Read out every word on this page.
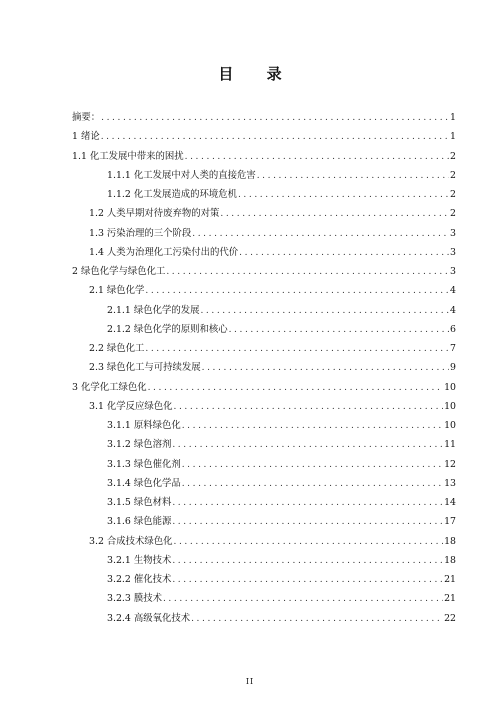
目 录
摘要： .....	1
1 绪论 .....	1
1.1 化工发展中带来的困扰 .....	2
1.1.1 化工发展中对人类的直接危害 .....	2
1.1.2 化工发展造成的环境危机 .....	2
1.2 人类早期对待废弃物的对策 .....	2
1.3 污染治理的三个阶段 .....	3
1.4 人类为治理化工污染付出的代价 .....	3
2 绿色化学与绿色化工 .....	3
2.1 绿色化学 .....	4
2.1.1 绿色化学的发展 .....	4
2.1.2 绿色化学的原则和核心 .....	6
2.2 绿色化工 .....	7
2.3 绿色化工与可持续发展 .....	9
3 化学化工绿色化 .....	10
3.1 化学反应绿色化 .....	10
3.1.1 原料绿色化 .....	10
3.1.2 绿色溶剂 .....	11
3.1.3 绿色催化剂 .....	12
3.1.4 绿色化学品 .....	13
3.1.5 绿色材料 .....	14
3.1.6 绿色能源 .....	17
3.2 合成技术绿色化 .....	18
3.2.1 生物技术 .....	18
3.2.2 催化技术 .....	21
3.2.3 膜技术 .....	21
3.2.4 高级氧化技术 .....	22
II
